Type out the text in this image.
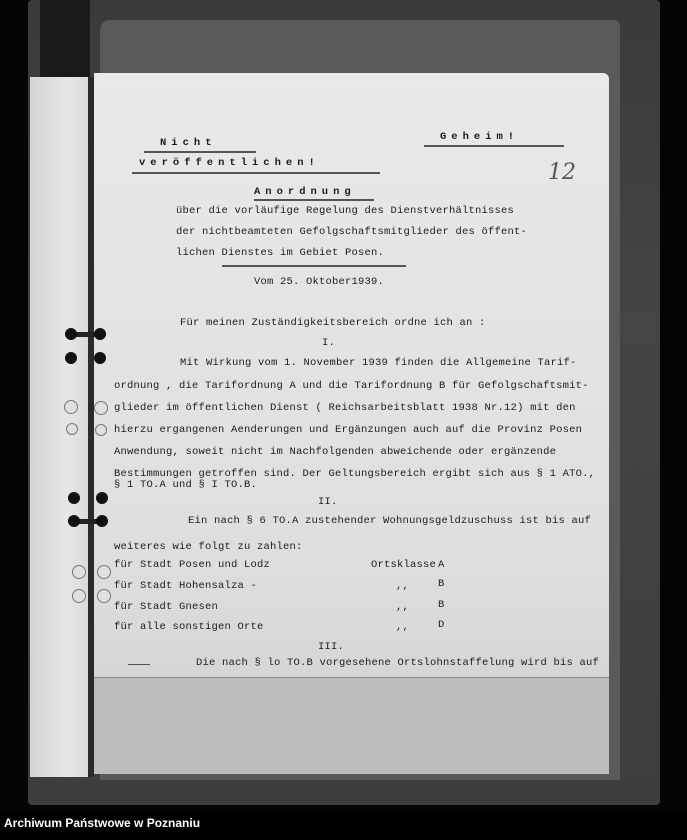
Nicht
veröffentlichen!
Geheim!
12
Anordnung
über die vorläufige Regelung des Dienstverhältnisses
der nichtbeamteten Gefolgschaftsmitglieder des öffent-
lichen Dienstes im Gebiet Posen.
Vom 25. Oktober1939.
Für meinen Zuständigkeitsbereich ordne ich an :
I.
Mit Wirkung vom 1. November 1939 finden die Allgemeine Tarif-
ordnung , die Tarifordnung A und die Tarifordnung B für Gefolgschaftsmit-
glieder im öffentlichen Dienst ( Reichsarbeitsblatt 1938 Nr.12) mit den
hierzu ergangenen Aenderungen und Ergänzungen auch auf die Provinz Posen
Anwendung, soweit nicht im Nachfolgenden abweichende oder ergänzende
Bestimmungen getroffen sind. Der Geltungsbereich ergibt sich aus § 1 ATO.,
§ 1 TO.A und § I TO.B.
II.
Ein nach § 6 TO.A zustehender Wohnungsgeldzuschuss ist bis auf
weiteres wie folgt zu zahlen:
für Stadt Posen und Lodz	Ortsklasse A
für Stadt Hohensalza -	,,	B
für Stadt Gnesen	,,	B
für alle sonstigen Orte	,,	D
III.
Die nach § lo TO.B vorgesehene Ortslohnstaffelung wird bis auf
Archiwum Państwowe w Poznaniu
